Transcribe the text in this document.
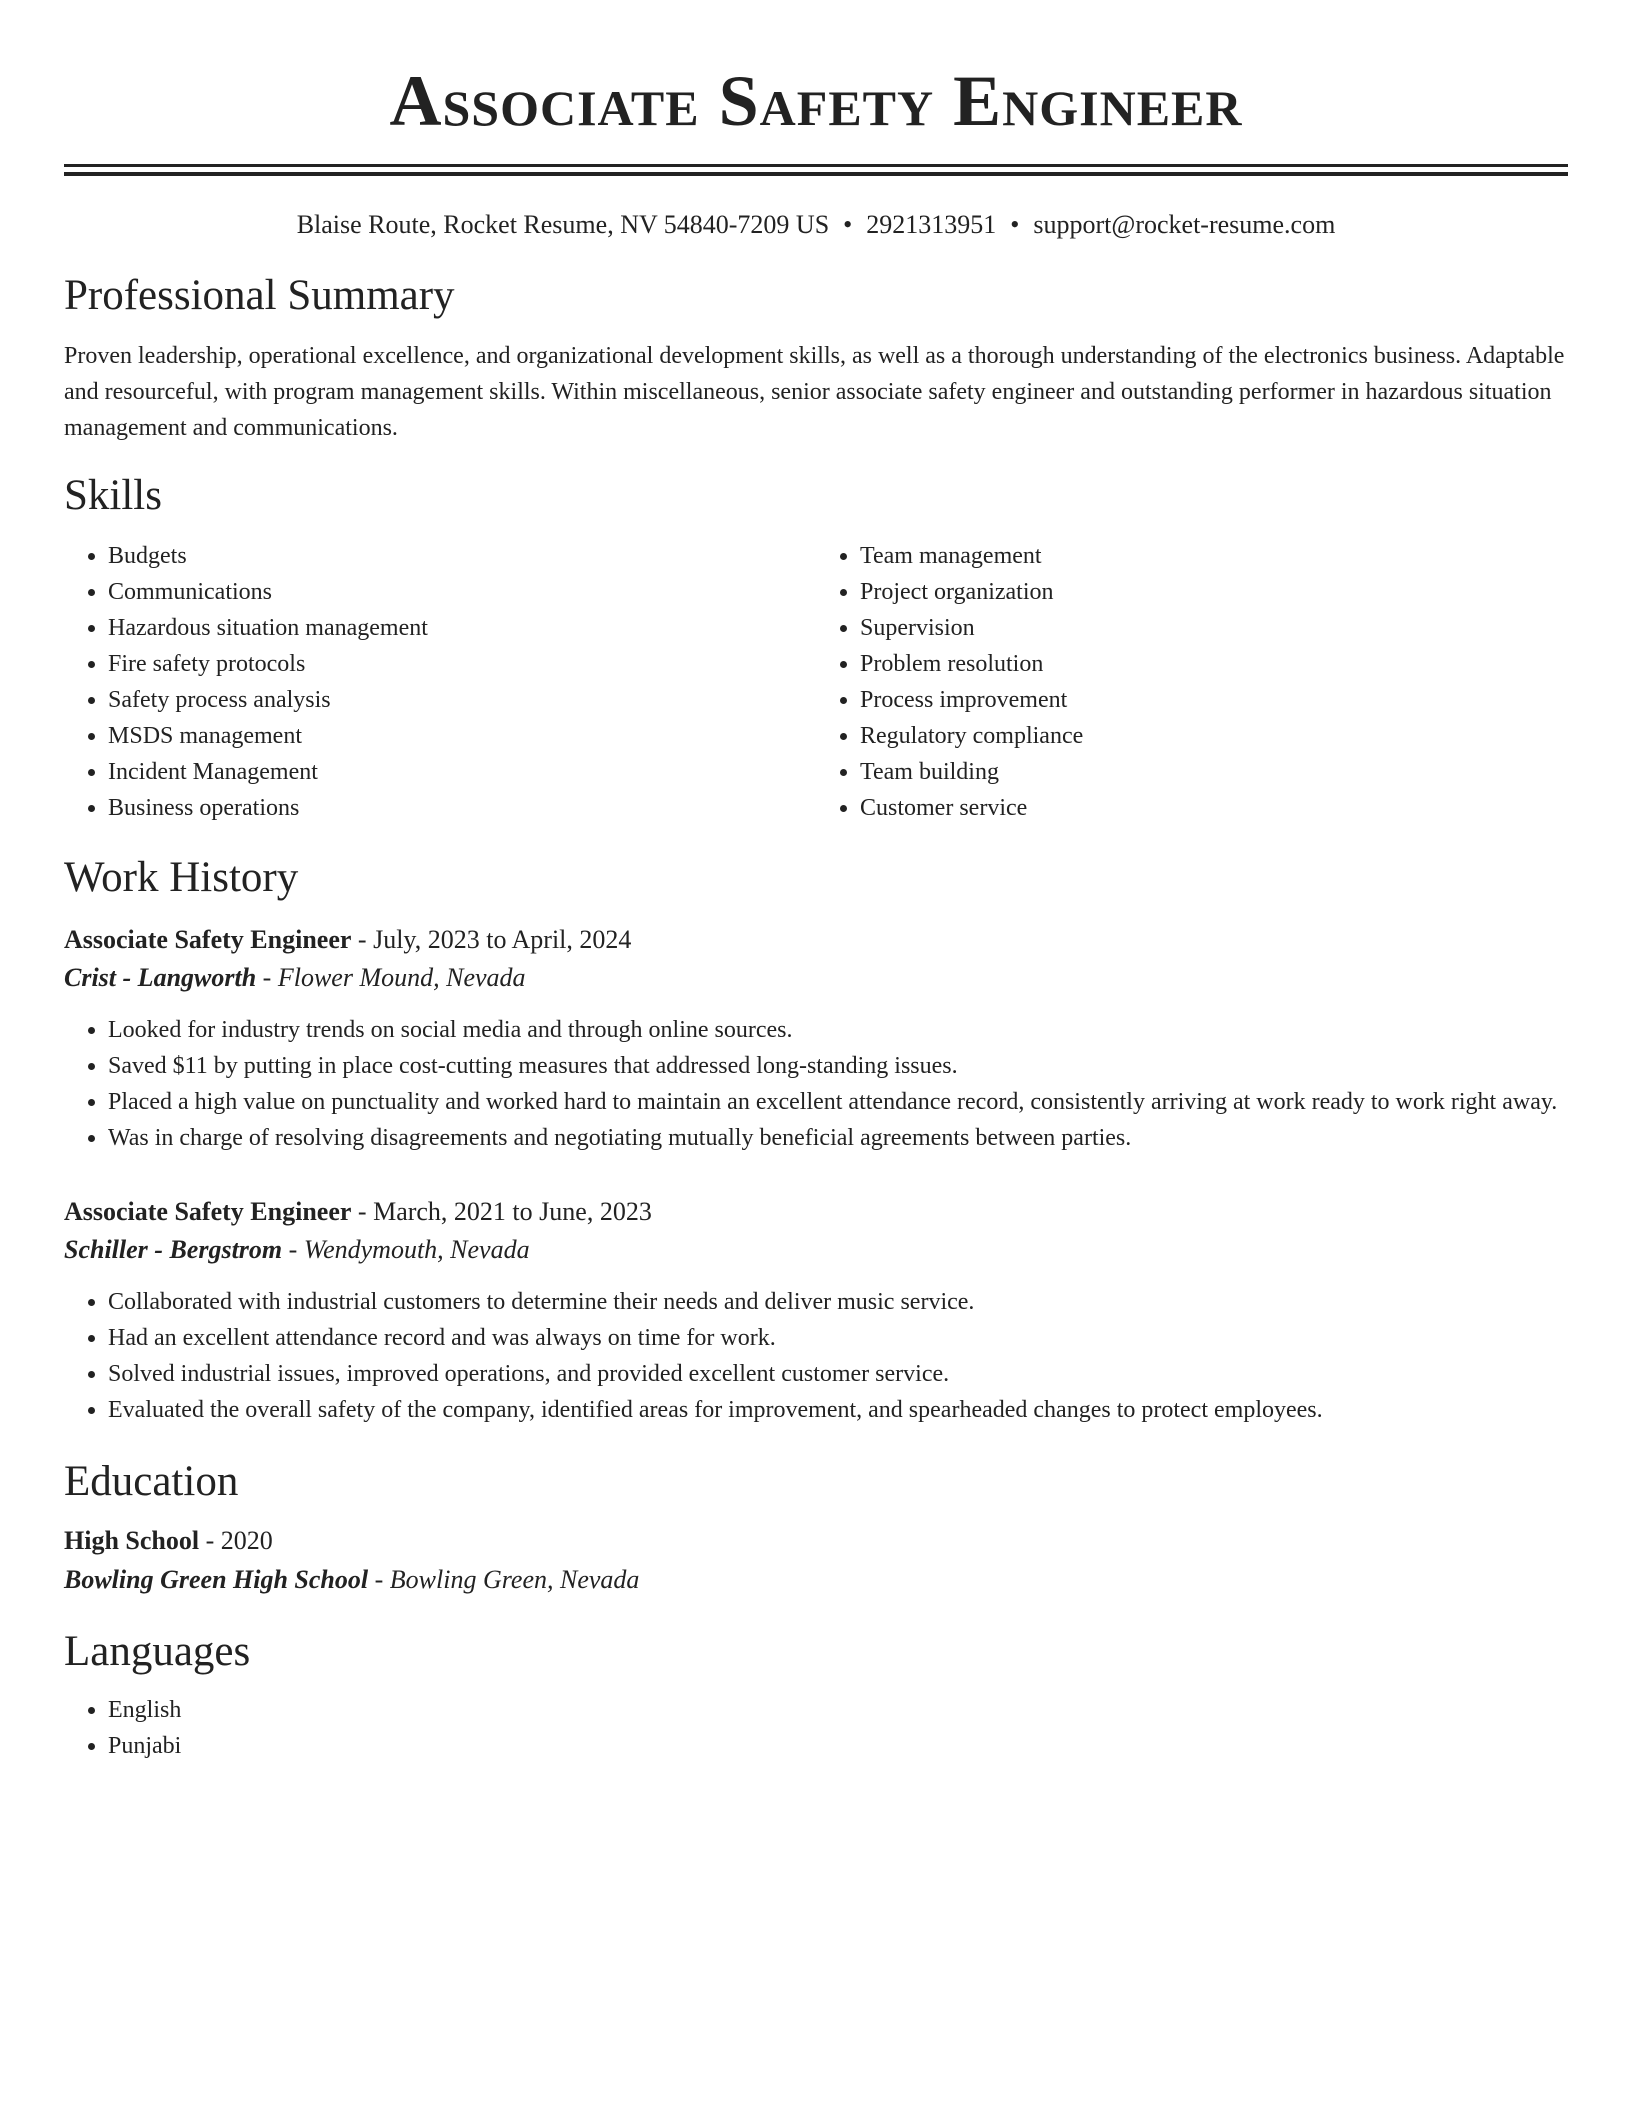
Associate Safety Engineer
Blaise Route, Rocket Resume, NV 54840-7209 US • 2921313951 • support@rocket-resume.com
Professional Summary

Proven leadership, operational excellence, and organizational development skills, as well as a thorough understanding of the electronics business. Adaptable and resourceful, with program management skills. Within miscellaneous, senior associate safety engineer and outstanding performer in hazardous situation management and communications.

Skills
• Budgets
• Communications
• Hazardous situation management
• Fire safety protocols
• Safety process analysis
• MSDS management
• Incident Management
• Business operations
• Team management
• Project organization
• Supervision
• Problem resolution
• Process improvement
• Regulatory compliance
• Team building
• Customer service
Work History
Associate Safety Engineer - July, 2023 to April, 2024
Crist - Langworth - Flower Mound, Nevada
• Looked for industry trends on social media and through online sources.
• Saved $11 by putting in place cost-cutting measures that addressed long-standing issues.
• Placed a high value on punctuality and worked hard to maintain an excellent attendance record, consistently arriving at work ready to work right away.
• Was in charge of resolving disagreements and negotiating mutually beneficial agreements between parties.
Associate Safety Engineer - March, 2021 to June, 2023
Schiller - Bergstrom - Wendymouth, Nevada
• Collaborated with industrial customers to determine their needs and deliver music service.
• Had an excellent attendance record and was always on time for work.
• Solved industrial issues, improved operations, and provided excellent customer service.
• Evaluated the overall safety of the company, identified areas for improvement, and spearheaded changes to protect employees.
Education
High School - 2020
Bowling Green High School - Bowling Green, Nevada
Languages
• English
• Punjabi
